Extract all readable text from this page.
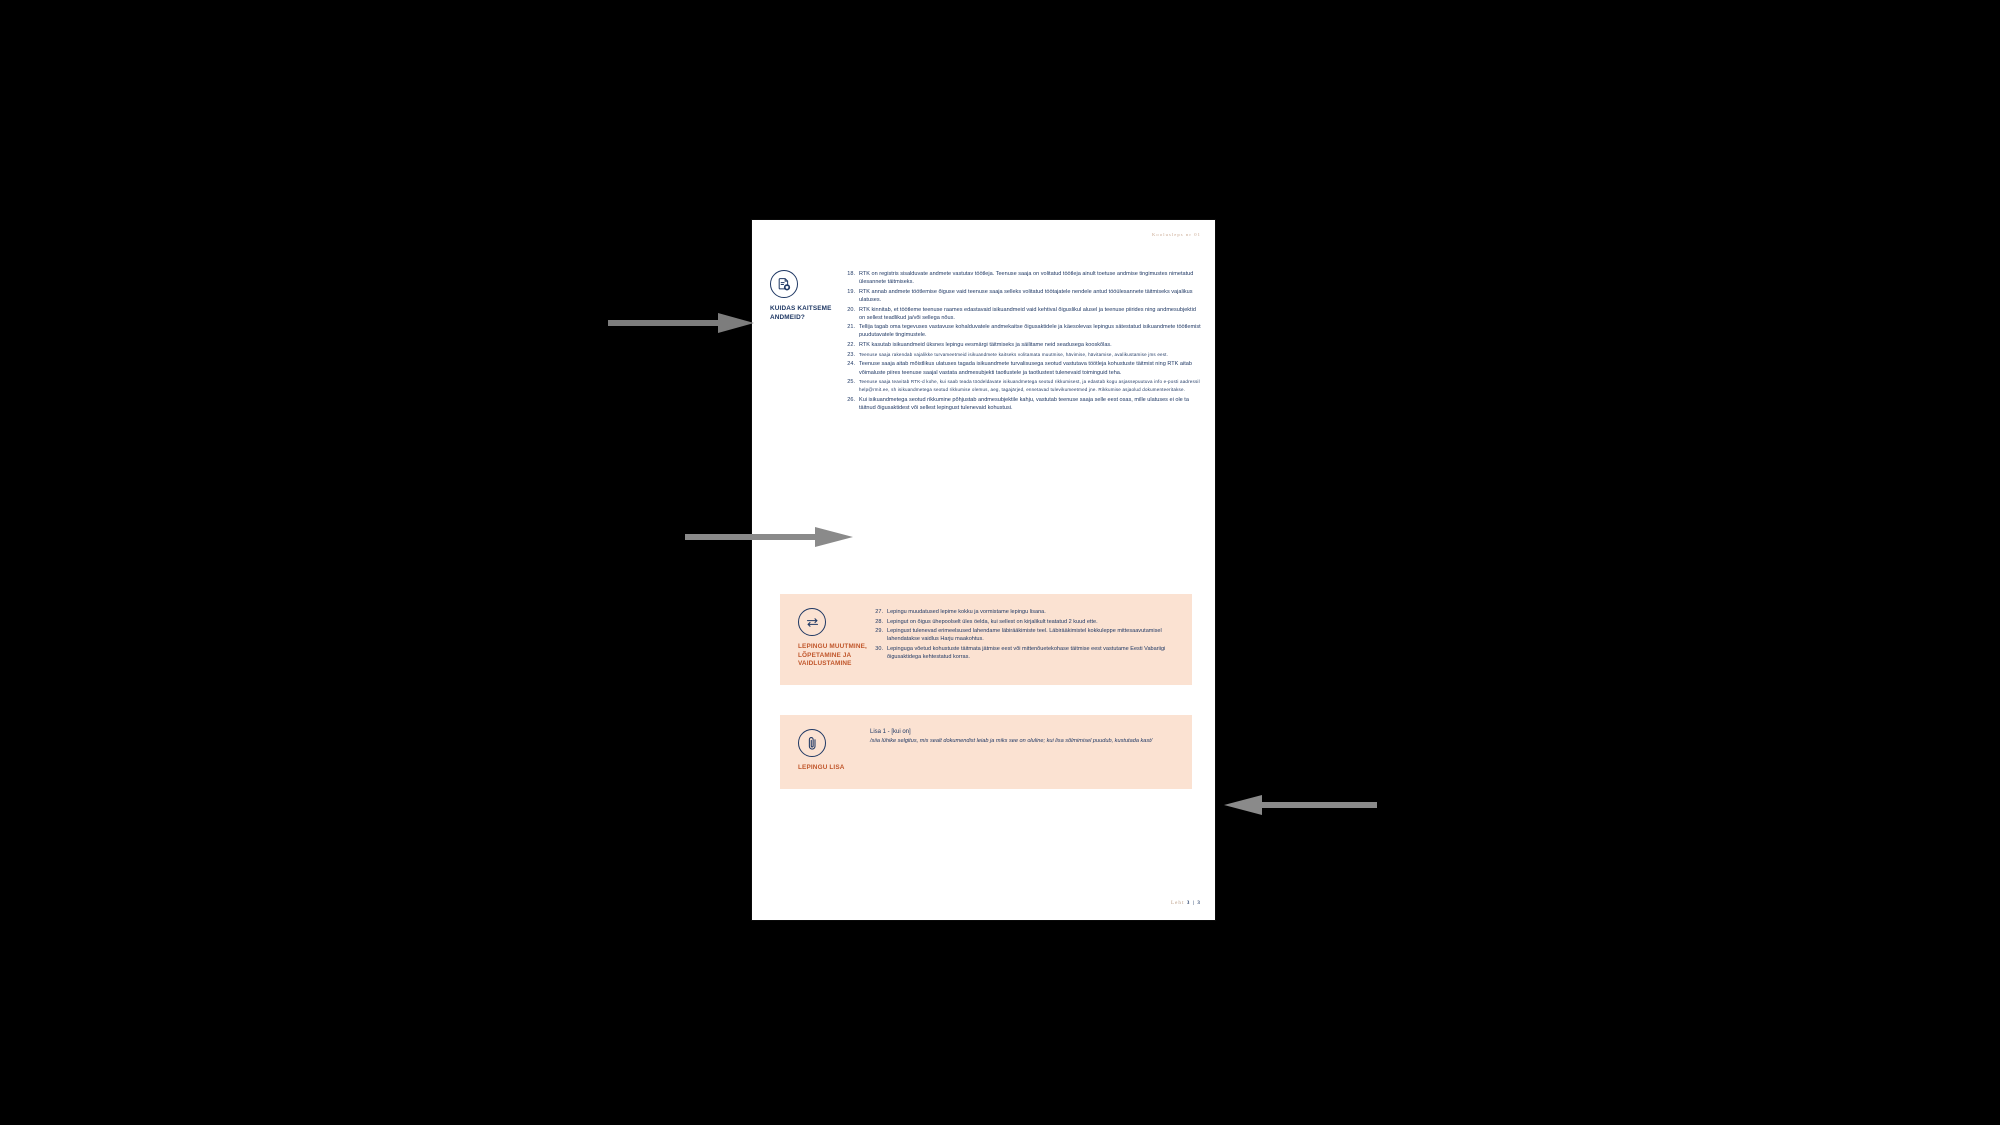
Koolusleps nr 01
KUIDAS KAITSEME ANDMEID?
18. RTK on registris sisalduvate andmete vastutav töötleja. Teenuse saaja on volitatud töötleja ainult toetuse andmise tingimustes nimetatud ülesannete täitmiseks.
19. RTK annab andmete töötlemise õiguse vaid teenuse saaja selleks volitatud töötajatele nendele antud tööülesannete täitmiseks vajalikus ulatuses.
20. RTK kinnitab, et töötleme teenuse raames edastavaid isikuandmeid vaid kehtival õiguslikul alusel ja teenuse piirides ning andmesubjektid on sellest teadlikud ja/või sellega nõus.
21. Tellija tagab oma tegevuses vastavuse kohalduvatele andmekaitse õigusaktidele ja käesolevas lepingus sätestatud isikuandmete töötlemist puudutavatele tingimustele.
22. RTK kasutab isikuandmeid üksnes lepingu eesmärgi täitmiseks ja säilitame neid seadusega kooskõlas.
23. Teenuse saaja rakendab vajalikke turvameetmeid isikuandmete kaitseks volitamata muutmise, hävimise, hävitamise, avalikustamise jms eest.
24. Teenuse saaja aitab mõistlikus ulatuses tagada isikuandmete turvalisusega seotud vastutava töötleja kohustuste täitmist ning RTK aitab võimaluste piires teenuse saajal vastata andmesubjekti taotlustele ja taotlustest tulenevaid toiminguid teha.
25. Teenuse saaja teavitab RTK-d kohe, kui saab teada töödeldavate isikuandmetega seotud rikkumisest, ja edastab kogu asjassepuutuva info e-posti aadressil help@rmit.ee, sh isikuandmetega seotud rikkumise olemus, aeg, tagajärjed, ennetavad tulevikumeetmed jne. Rikkumise asjaolud dokumenteeritakse.
26. Kui isikuandmetega seotud rikkumine põhjustab andmesubjektile kahju, vastutab teenuse saaja selle eest osas, mille ulatuses ei ole ta täitnud õigusaktidest või sellest lepingust tulenevaid kohustusi.
LEPINGU MUUTMINE, LÕPETAMINE JA VAIDLUSTAMINE
27. Lepingu muudatused lepime kokku ja vormistame lepingu lisana.
28. Lepingut on õigus ühepoolselt üles öelda, kui sellest on kirjalikult teatatud 2 kuud ette.
29. Lepingust tulenevad erimeelsused lahendame läbirääkimiste teel. Läbirääkimistel kokkuleppe mittesaavutamisel lahendatakse vaidlus Harju maakohtus.
30. Lepinguga võetud kohustuste täitmata jätmise eest või mittenõuetekohase täitmise eest vastutame Eesti Vabariigi õigusaktidega kehtestatud korras.
LEPINGU LISA
Lisa 1 - [kui on]
/siia lühike selgitus, mis sealt dokumendist leiab ja miks see on oluline; kui lisa sõlmimisel puudub, kustutada kast/
Leht 3 | 3
